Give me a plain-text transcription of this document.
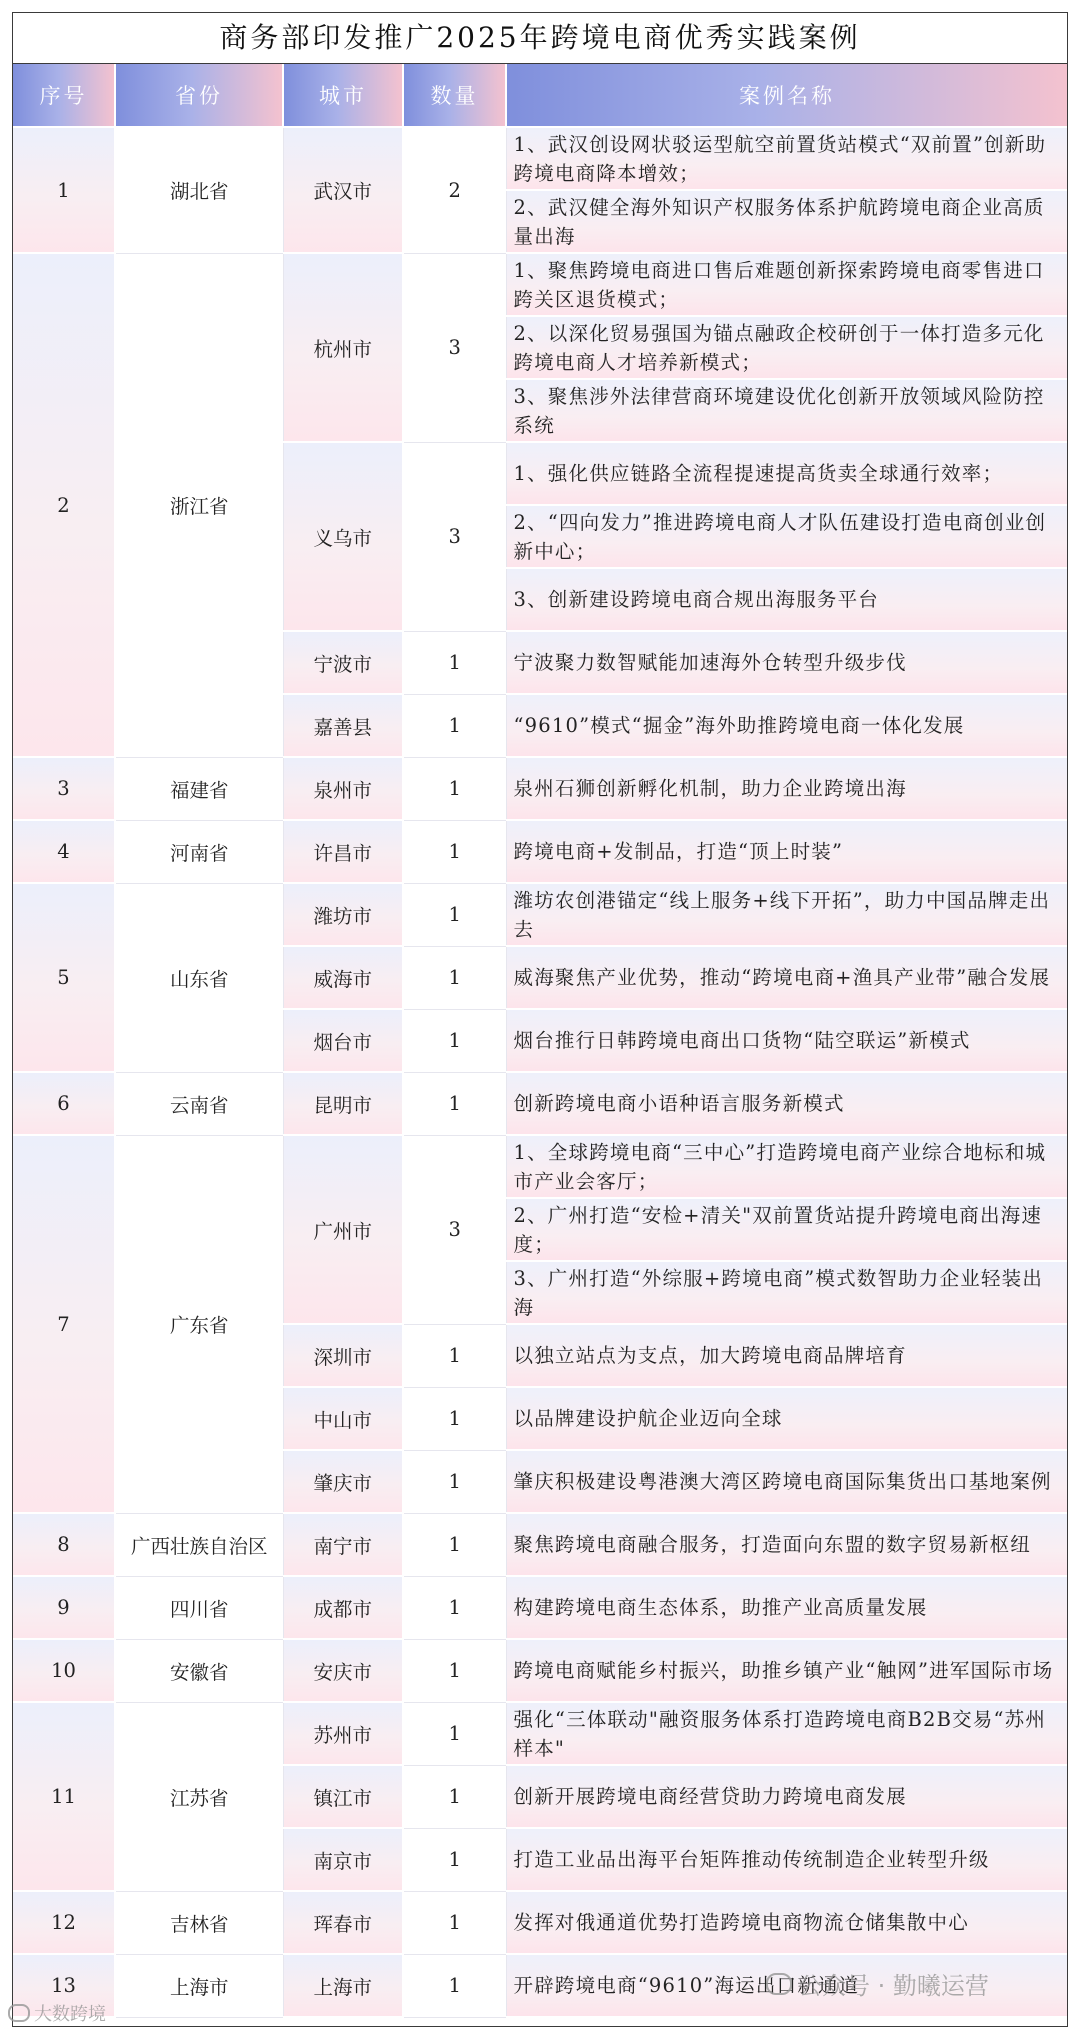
商务部印发推广2025年跨境电商优秀实践案例
序号	省份	城市	数量	案例名称
1	湖北省	武汉市	2	1、武汉创设网状驳运型航空前置货站模式“双前置”创新助跨境电商降本增效；
				2、武汉健全海外知识产权服务体系护航跨境电商企业高质量出海
2	浙江省	杭州市	3	1、聚焦跨境电商进口售后难题创新探索跨境电商零售进口跨关区退货模式；
				2、以深化贸易强国为锚点融政企校研创于一体打造多元化跨境电商人才培养新模式；
				3、聚焦涉外法律营商环境建设优化创新开放领域风险防控系统
		义乌市	3	1、强化供应链路全流程提速提高货卖全球通行效率；
				2、“四向发力”推进跨境电商人才队伍建设打造电商创业创新中心；
				3、创新建设跨境电商合规出海服务平台
		宁波市	1	宁波聚力数智赋能加速海外仓转型升级步伐
		嘉善县	1	“9610”模式“掘金”海外助推跨境电商一体化发展
3	福建省	泉州市	1	泉州石狮创新孵化机制，助力企业跨境出海
4	河南省	许昌市	1	跨境电商+发制品，打造“顶上时装”
5	山东省	潍坊市	1	潍坊农创港锚定“线上服务+线下开拓”，助力中国品牌走出去
		威海市	1	威海聚焦产业优势，推动“跨境电商+渔具产业带”融合发展
		烟台市	1	烟台推行日韩跨境电商出口货物“陆空联运”新模式
6	云南省	昆明市	1	创新跨境电商小语种语言服务新模式
7	广东省	广州市	3	1、全球跨境电商“三中心”打造跨境电商产业综合地标和城市产业会客厅；
				2、广州打造“安检+清关"双前置货站提升跨境电商出海速度；
				3、广州打造“外综服+跨境电商”模式数智助力企业轻装出海
		深圳市	1	以独立站点为支点，加大跨境电商品牌培育
		中山市	1	以品牌建设护航企业迈向全球
		肇庆市	1	肇庆积极建设粤港澳大湾区跨境电商国际集货出口基地案例
8	广西壮族自治区	南宁市	1	聚焦跨境电商融合服务，打造面向东盟的数字贸易新枢纽
9	四川省	成都市	1	构建跨境电商生态体系，助推产业高质量发展
10	安徽省	安庆市	1	跨境电商赋能乡村振兴，助推乡镇产业“触网”进军国际市场
11	江苏省	苏州市	1	强化“三体联动"融资服务体系打造跨境电商B2B交易“苏州样本"
		镇江市	1	创新开展跨境电商经营贷助力跨境电商发展
		南京市	1	打造工业品出海平台矩阵推动传统制造企业转型升级
12	吉林省	珲春市	1	发挥对俄通道优势打造跨境电商物流仓储集散中心
13	上海市	上海市	1	开辟跨境电商“9610”海运出口新通道
大数跨境
公众号 · 勤曦运营
